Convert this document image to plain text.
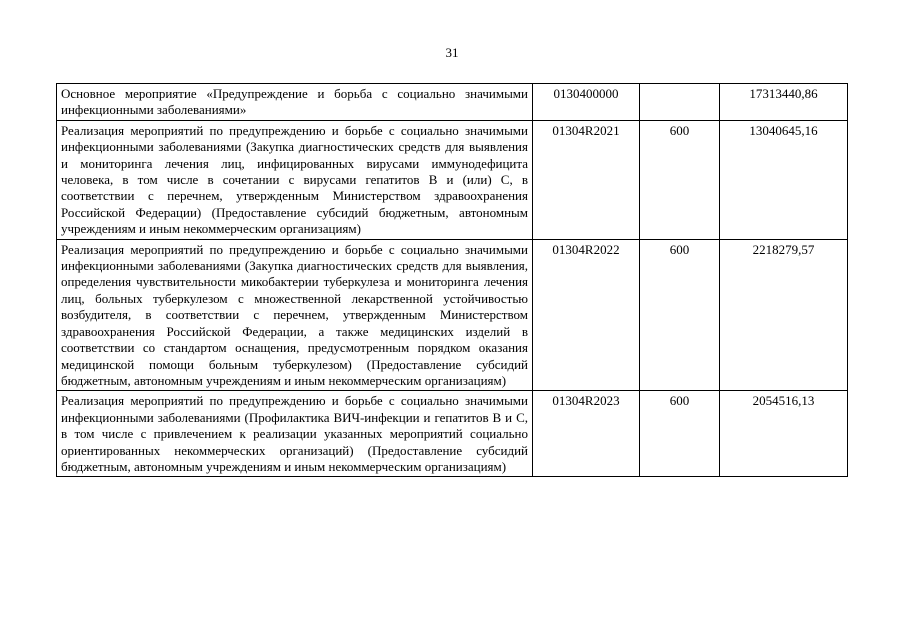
31
Основное мероприятие «Предупреждение и борьба с социально значимыми инфекционными заболеваниями»	0130400000		17313440,86
Реализация мероприятий по предупреждению и борьбе с социально значимыми инфекционными заболеваниями (Закупка диагностических средств для выявления и мониторинга лечения лиц, инфицированных вирусами иммунодефицита человека, в том числе в сочетании с вирусами гепатитов В и (или) С, в соответствии с перечнем, утвержденным Министерством здравоохранения Российской Федерации) (Предоставление субсидий бюджетным, автономным учреждениям и иным некоммерческим организациям)	01304R2021	600	13040645,16
Реализация мероприятий по предупреждению и борьбе с социально значимыми инфекционными заболеваниями (Закупка диагностических средств для выявления, определения чувствительности микобактерии туберкулеза и мониторинга лечения лиц, больных туберкулезом с множественной лекарственной устойчивостью возбудителя, в соответствии с перечнем, утвержденным Министерством здравоохранения Российской Федерации, а также медицинских изделий в соответствии со стандартом оснащения, предусмотренным порядком оказания медицинской помощи больным туберкулезом) (Предоставление субсидий бюджетным, автономным учреждениям и иным некоммерческим организациям)	01304R2022	600	2218279,57
Реализация мероприятий по предупреждению и борьбе с социально значимыми инфекционными заболеваниями (Профилактика ВИЧ-инфекции и гепатитов В и С, в том числе с привлечением к реализации указанных мероприятий социально ориентированных некоммерческих организаций) (Предоставление субсидий бюджетным, автономным учреждениям и иным некоммерческим организациям)	01304R2023	600	2054516,13
